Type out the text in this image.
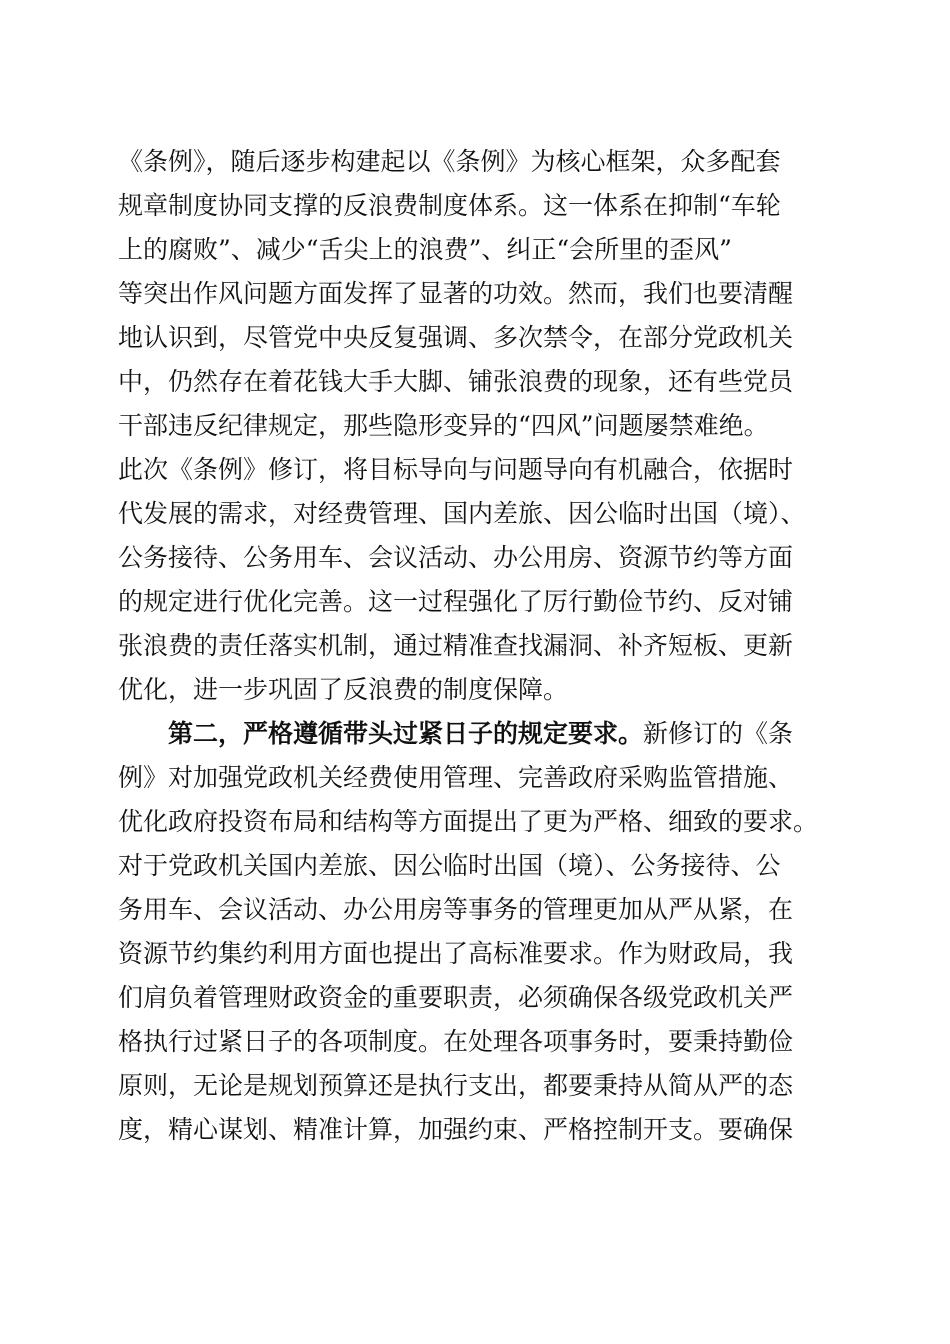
《条例》，随后逐步构建起以《条例》为核心框架，众多配套
规章制度协同支撑的反浪费制度体系。这一体系在抑制“车轮
上的腐败”、减少“舌尖上的浪费”、纠正“会所里的歪风”
等突出作风问题方面发挥了显著的功效。然而，我们也要清醒
地认识到，尽管党中央反复强调、多次禁令，在部分党政机关
中，仍然存在着花钱大手大脚、铺张浪费的现象，还有些党员
干部违反纪律规定，那些隐形变异的“四风”问题屡禁难绝。
此次《条例》修订，将目标导向与问题导向有机融合，依据时
代发展的需求，对经费管理、国内差旅、因公临时出国（境）、
公务接待、公务用车、会议活动、办公用房、资源节约等方面
的规定进行优化完善。这一过程强化了厉行勤俭节约、反对铺
张浪费的责任落实机制，通过精准查找漏洞、补齐短板、更新
优化，进一步巩固了反浪费的制度保障。
第二，严格遵循带头过紧日子的规定要求。新修订的《条
例》对加强党政机关经费使用管理、完善政府采购监管措施、
优化政府投资布局和结构等方面提出了更为严格、细致的要求。
对于党政机关国内差旅、因公临时出国（境）、公务接待、公
务用车、会议活动、办公用房等事务的管理更加从严从紧，在
资源节约集约利用方面也提出了高标准要求。作为财政局，我
们肩负着管理财政资金的重要职责，必须确保各级党政机关严
格执行过紧日子的各项制度。在处理各项事务时，要秉持勤俭
原则，无论是规划预算还是执行支出，都要秉持从简从严的态
度，精心谋划、精准计算，加强约束、严格控制开支。要确保
